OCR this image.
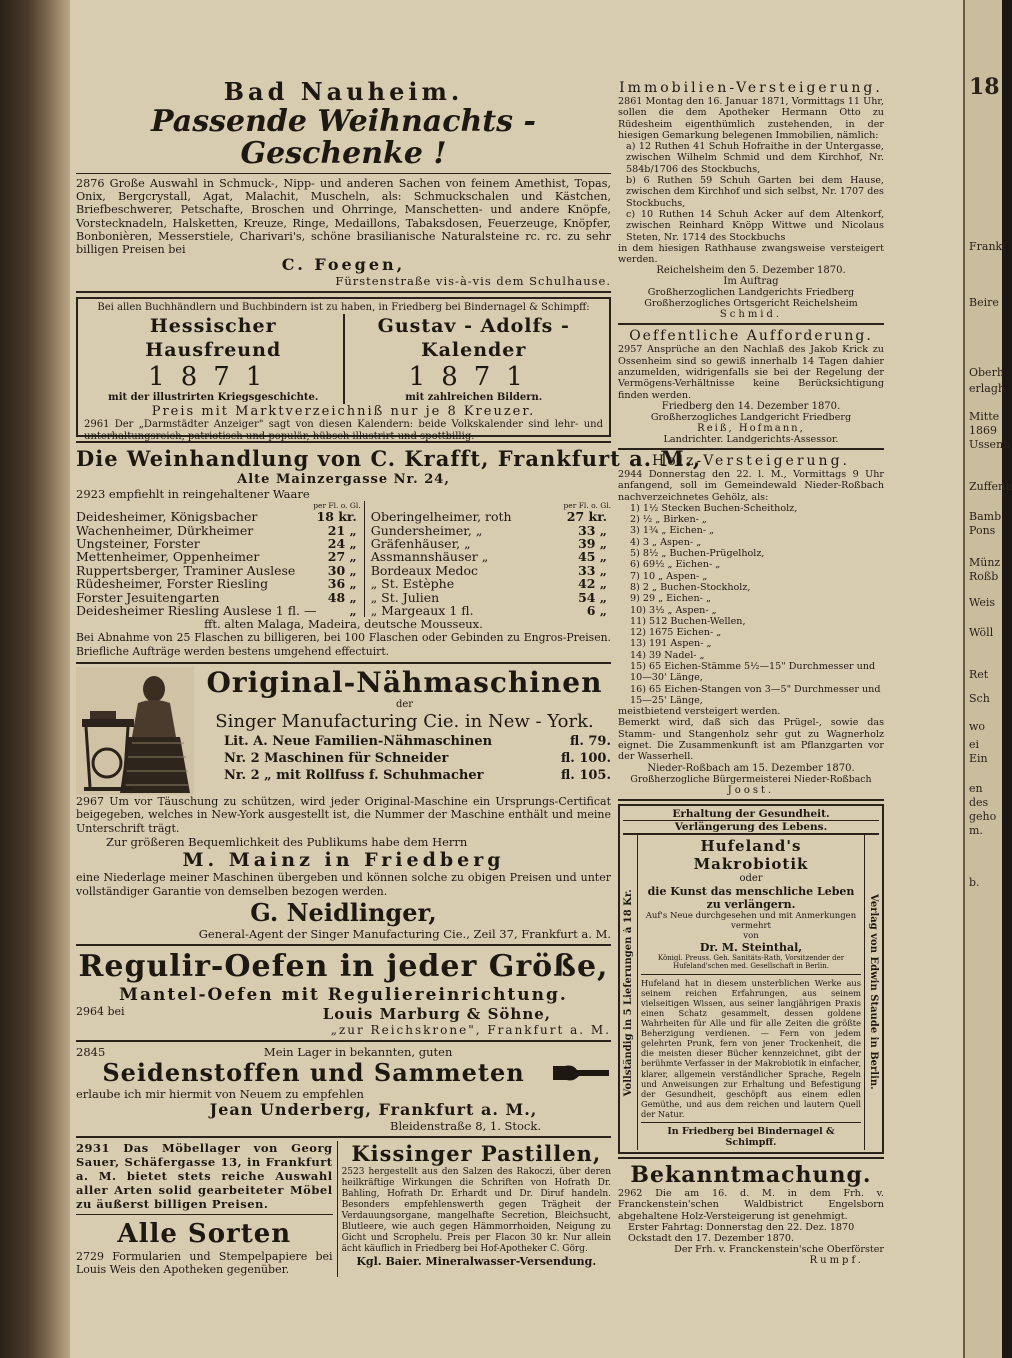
18
Frankf
Beire
Oberh
erlagh
Mitte
1869
Ussenh
Zuffenh
Bamb
Pons
Münz
Roßb
Weis
Wöll
Ret
Sch
wo
ei
Ein
en
des
geho
m.
b.
Bad Nauheim.
Passende Weihnachts - Geschenke !

2876 Große Auswahl in Schmuck-, Nipp- und anderen Sachen von feinem Amethist, Topas, Onix, Bergcrystall, Agat, Malachit, Muscheln, als: Schmuckschalen und Kästchen, Briefbeschwerer, Petschafte, Broschen und Ohrringe, Manschetten- und andere Knöpfe, Vorstecknadeln, Halsketten, Kreuze, Ringe, Medaillons, Tabaksdosen, Feuerzeuge, Knöpfer, Bonbonièren, Messerstiele, Charivari's, schöne brasilianische Naturalsteine rc. rc. zu sehr billigen Preisen bei

C. Foegen,
Fürstenstraße vis-à-vis dem Schulhause.
Bei allen Buchhändlern und Buchbindern ist zu haben, in Friedberg bei Bindernagel & Schimpff:
Hessischer Hausfreund
1871
mit der illustrirten Kriegsgeschichte.
Gustav - Adolfs - Kalender
1871
mit zahlreichen Bildern.
Preis mit Marktverzeichniß nur je 8 Kreuzer.
2961 Der „Darmstädter Anzeiger" sagt von diesen Kalendern: beide Volkskalender sind lehr- und unterhaltungsreich, patriotisch und populär, hübsch illustrirt und spottbillig.
Die Weinhandlung von C. Krafft, Frankfurt a. M.,
Alte Mainzergasse Nr. 24,
2923 empfiehlt in reingehaltener Waare
per Fl. o. Gl.
Deidesheimer, Königsbacher	18 kr.
Wachenheimer, Dürkheimer	21 „
Ungsteiner, Forster	24 „
Mettenheimer, Oppenheimer	27 „
Ruppertsberger, Traminer Auslese	30 „
Rüdesheimer, Forster Riesling	36 „
Forster Jesuitengarten	48 „
Deidesheimer Riesling Auslese 1 fl. —	„
per Fl. o. Gl.
Oberingelheimer, roth	27 kr.
Gundersheimer, „	33 „
Gräfenhäuser, „	39 „
Assmannshäuser „	45 „
Bordeaux Medoc	33 „
„ St. Estèphe	42 „
„ St. Julien	54 „
„ Margeaux 1 fl.	6 „
fft. alten Malaga, Madeira, deutsche Mousseux.

Bei Abnahme von 25 Flaschen zu billigeren, bei 100 Flaschen oder Gebinden zu Engros-Preisen. Briefliche Aufträge werden bestens umgehend effectuirt.

Original-Nähmaschinen
der
Singer Manufacturing Cie. in New - York.
Lit. A. Neue Familien-Nähmaschinen	fl. 79.
Nr. 2 Maschinen für Schneider	fl. 100.
Nr. 2 „ mit Rollfuss f. Schuhmacher	fl. 105.

2967 Um vor Täuschung zu schützen, wird jeder Original-Maschine ein Ursprungs-Certificat beigegeben, welches in New-York ausgestellt ist, die Nummer der Maschine enthält und meine Unterschrift trägt.

Zur größeren Bequemlichkeit des Publikums habe dem Herrn
M. Mainz in Friedberg

eine Niederlage meiner Maschinen übergeben und können solche zu obigen Preisen und unter vollständiger Garantie von demselben bezogen werden.

G. Neidlinger,
General-Agent der Singer Manufacturing Cie., Zeil 37, Frankfurt a. M.
Regulir-Oefen in jeder Größe,
Mantel-Oefen mit Reguliereinrichtung.
2964 bei	Louis Marburg & Söhne,
„zur Reichskrone", Frankfurt a. M.
2845	Mein Lager in bekannten, guten
Seidenstoffen und Sammeten
erlaube ich mir hiermit von Neuem zu empfehlen
Jean Underberg, Frankfurt a. M.,
Bleidenstraße 8, 1. Stock.

2931 Das Möbellager von Georg Sauer, Schäfergasse 13, in Frankfurt a. M. bietet stets reiche Auswahl aller Arten solid gearbeiteter Möbel zu äußerst billigen Preisen.

Alle Sorten

2729 Formularien und Stempelpapiere bei Louis Weis den Apotheken gegenüber.

Kissinger Pastillen,

2523 hergestellt aus den Salzen des Rakoczi, über deren heilkräftige Wirkungen die Schriften von Hofrath Dr. Bahling, Hofrath Dr. Erhardt und Dr. Diruf handeln. Besonders empfehlenswerth gegen Trägheit der Verdauungsorgane, mangelhafte Secretion, Bleichsucht, Blutleere, wie auch gegen Hämmorrhoiden, Neigung zu Gicht und Scrophelu. Preis per Flacon 30 kr. Nur allein ächt käuflich in Friedberg bei Hof-Apotheker C. Görg.

Kgl. Baier. Mineralwasser-Versendung.
Immobilien-Versteigerung.

2861 Montag den 16. Januar 1871, Vormittags 11 Uhr, sollen die dem Apotheker Hermann Otto zu Rüdesheim eigenthümlich zustehenden, in der hiesigen Gemarkung belegenen Immobilien, nämlich:

a) 12 Ruthen 41 Schuh Hofraithe in der Untergasse, zwischen Wilhelm Schmid und dem Kirchhof, Nr. 584b/1706 des Stockbuchs,

b) 6 Ruthen 59 Schuh Garten bei dem Hause, zwischen dem Kirchhof und sich selbst, Nr. 1707 des Stockbuchs,

c) 10 Ruthen 14 Schuh Acker auf dem Altenkorf, zwischen Reinhard Knöpp Wittwe und Nicolaus Steten, Nr. 1714 des Stockbuchs

in dem hiesigen Rathhause zwangsweise versteigert werden.

Reichelsheim den 5. Dezember 1870.
Im Auftrag
Großherzoglichen Landgerichts Friedberg
Großherzogliches Ortsgericht Reichelsheim
Schmid.
Oeffentliche Aufforderung.

2957 Ansprüche an den Nachlaß des Jakob Krick zu Ossenheim sind so gewiß innerhalb 14 Tagen dahier anzumelden, widrigenfalls sie bei der Regelung der Vermögens-Verhältnisse keine Berücksichtigung finden werden.

Friedberg den 14. Dezember 1870.
Großherzogliches Landgericht Friedberg
Reiß, Hofmann,
Landrichter. Landgerichts-Assessor.
Holz-Versteigerung.

2944 Donnerstag den 22. l. M., Vormittags 9 Uhr anfangend, soll im Gemeindewald Nieder-Roßbach nachverzeichnetes Gehölz, als:

1) 1½ Stecken Buchen-Scheitholz,
2) ½ „ Birken- „
3) 1¾ „ Eichen- „
4) 3 „ Aspen- „
5) 8½ „ Buchen-Prügelholz,
6) 69½ „ Eichen- „
7) 10 „ Aspen- „
8) 2 „ Buchen-Stockholz,
9) 29 „ Eichen- „
10) 3½ „ Aspen- „
11) 512 Buchen-Wellen,
12) 1675 Eichen- „
13) 191 Aspen- „
14) 39 Nadel- „
15) 65 Eichen-Stämme 5½—15" Durchmesser und 10—30' Länge,
16) 65 Eichen-Stangen von 3—5" Durchmesser und 15—25' Länge,

meistbietend versteigert werden.

Bemerkt wird, daß sich das Prügel-, sowie das Stamm- und Stangenholz sehr gut zu Wagnerholz eignet. Die Zusammenkunft ist am Pflanzgarten vor der Wasserhell.

Nieder-Roßbach am 15. Dezember 1870.
Großherzogliche Bürgermeisterei Nieder-Roßbach
Joost.
Erhaltung der Gesundheit.
Verlängerung des Lebens.
Vollständig in 5 Lieferungen à 18 Kr.
Hufeland's Makrobiotik
oder
die Kunst das menschliche Leben zu verlängern.
Auf's Neue durchgesehen und mit Anmerkungen vermehrt
von
Dr. M. Steinthal,
Königl. Preuss. Geh. Sanitäts-Rath, Vorsitzender der Hufeland'schen med. Gesellschaft in Berlin.

Hufeland hat in diesem unsterblichen Werke aus seinem reichen Erfahrungen, aus seinem vielseitigen Wissen, aus seiner langjährigen Praxis einen Schatz gesammelt, dessen goldene Wahrheiten für Alle und für alle Zeiten die größte Beherzigung verdienen. — Fern von jedem gelehrten Prunk, fern von jener Trockenheit, die die meisten dieser Bücher kennzeichnet, gibt der berühmte Verfasser in der Makrobiotik in einfacher, klarer, allgemein verständlicher Sprache, Regeln und Anweisungen zur Erhaltung und Befestigung der Gesundheit, geschöpft aus einem edlen Gemüthe, und aus dem reichen und lautern Quell der Natur.

In Friedberg bei Bindernagel & Schimpff.
Verlag von Edwin Staude in Berlin.
Bekanntmachung.

2962 Die am 16. d. M. in dem Frh. v. Franckenstein'schen Waldbistrict Engelsborn abgehaltene Holz-Versteigerung ist genehmigt.

Erster Fahrtag: Donnerstag den 22. Dez. 1870
Ockstadt den 17. Dezember 1870.
Der Frh. v. Franckenstein'sche Oberförster
Rumpf.
